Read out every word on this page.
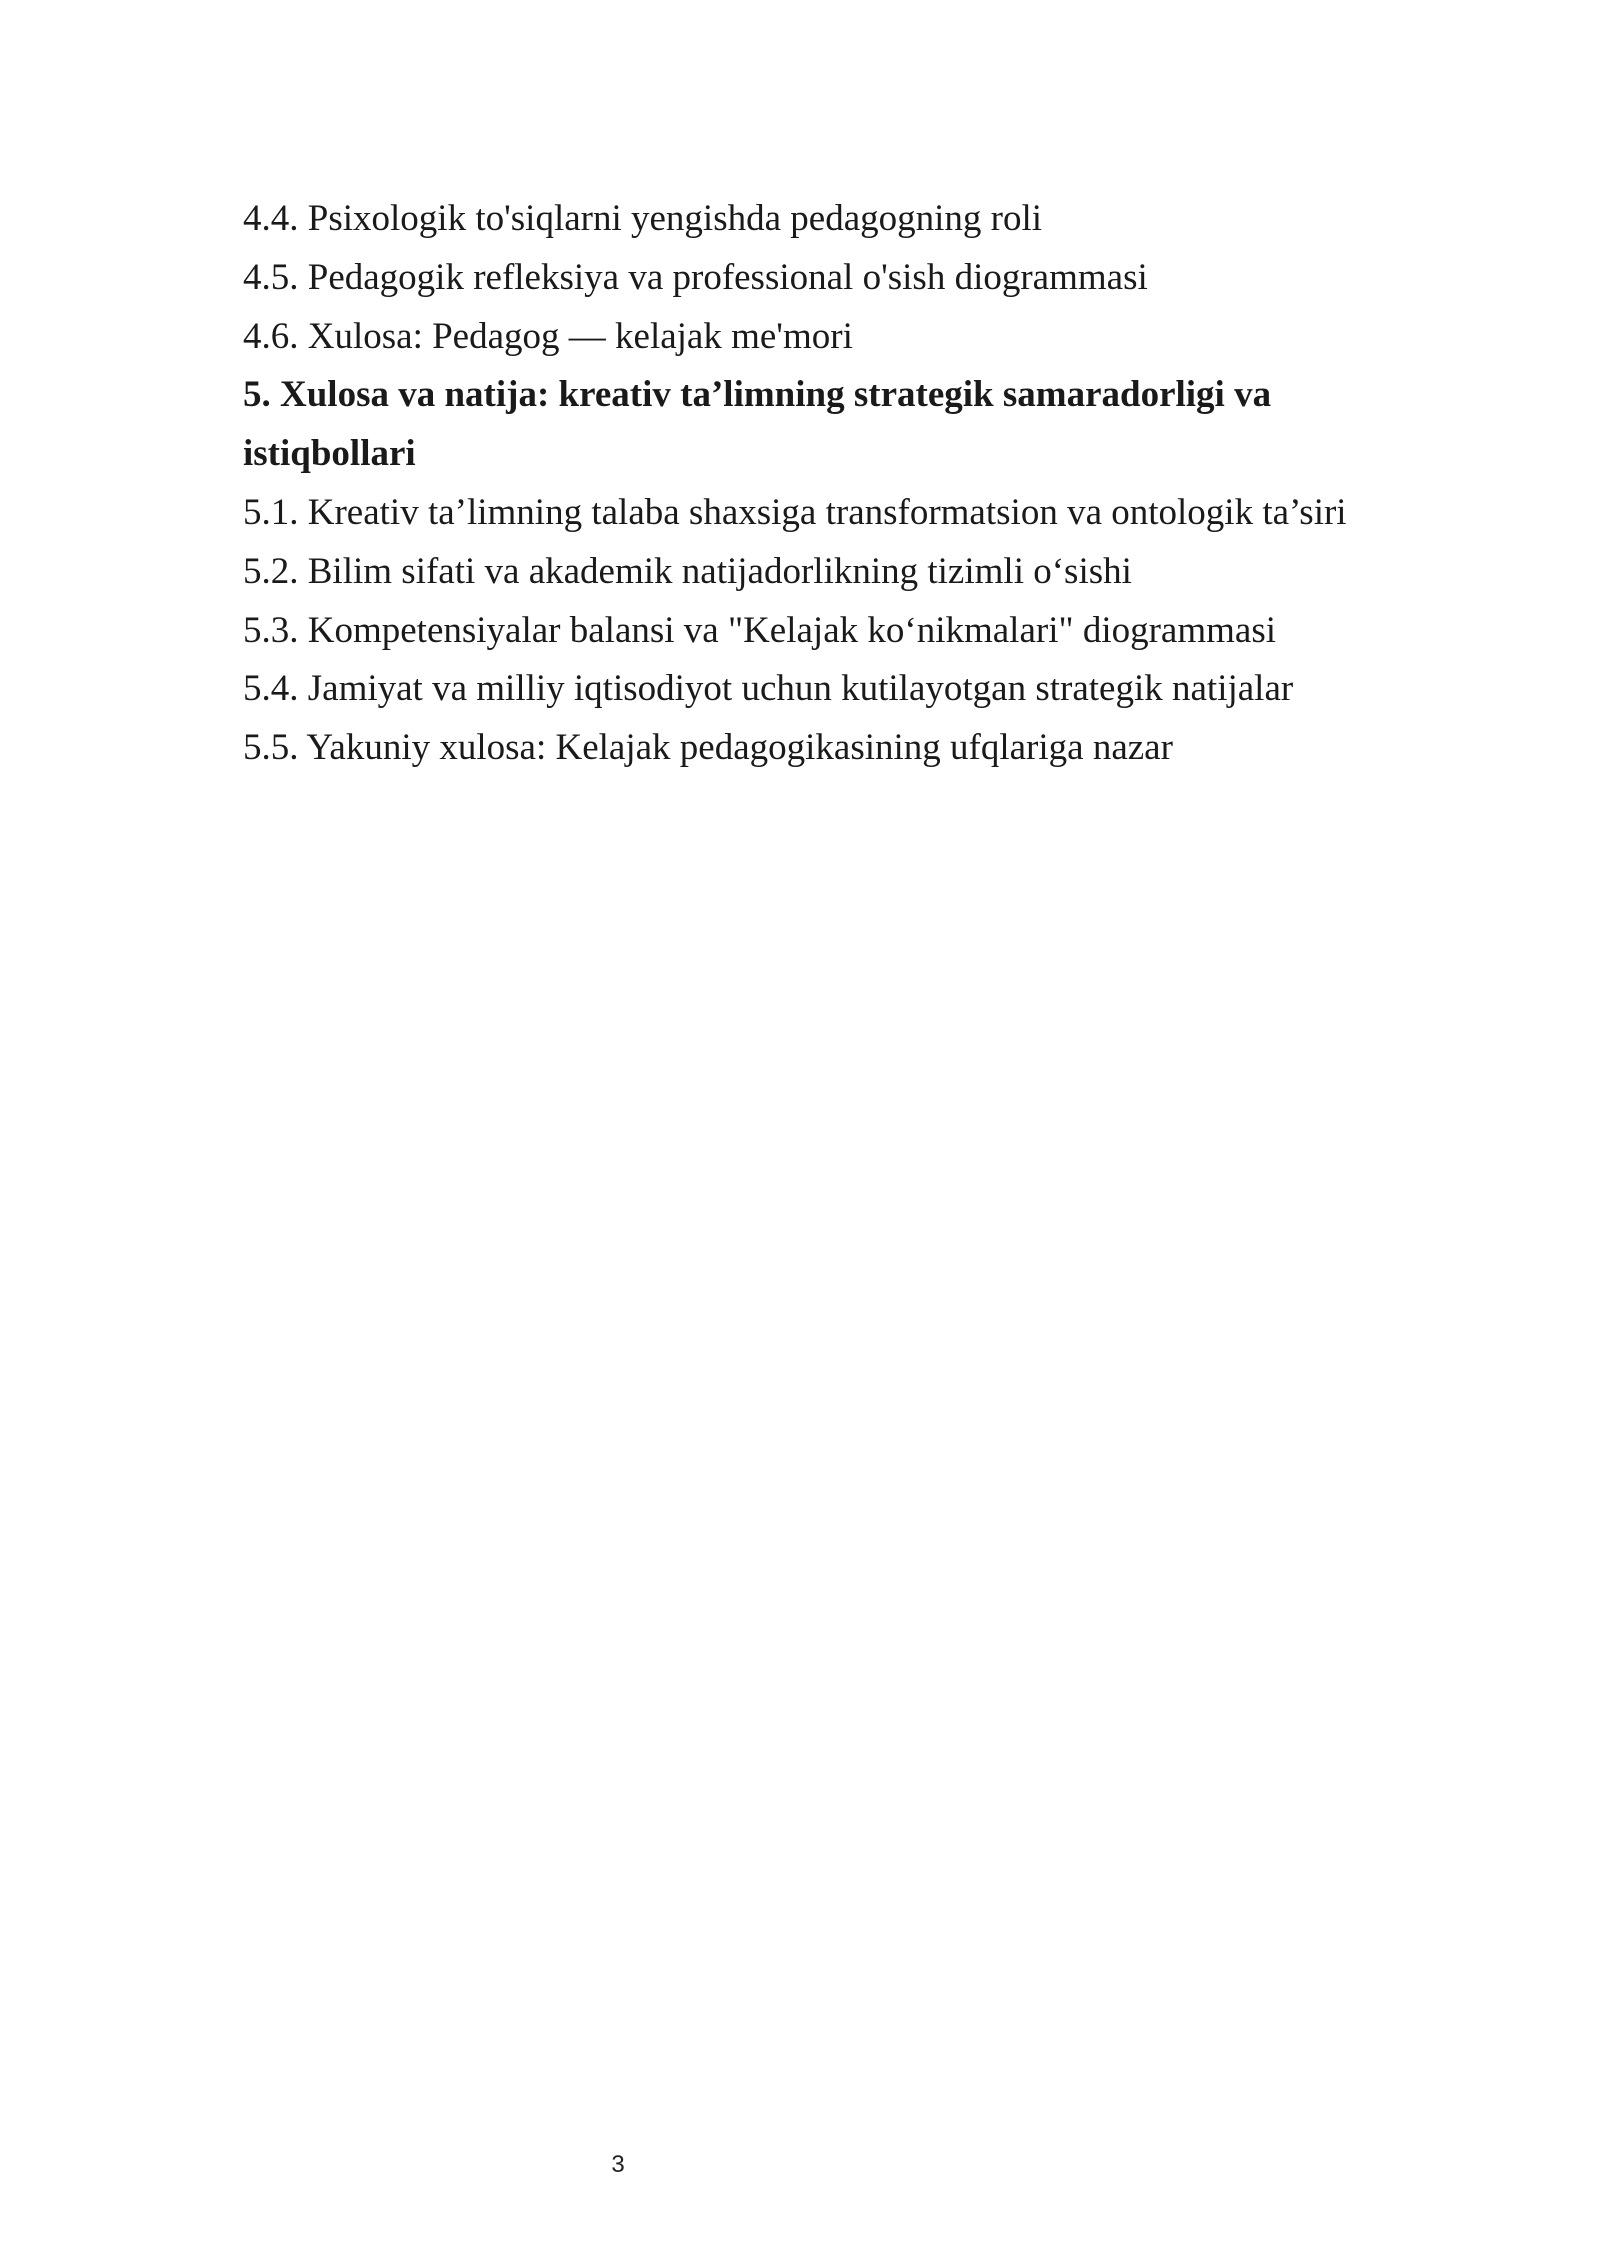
4.4. Psixologik to'siqlarni yengishda pedagogning roli

4.5. Pedagogik refleksiya va professional o'sish diogrammasi

4.6. Xulosa: Pedagog — kelajak me'mori

5. Xulosa va natija: kreativ ta’limning strategik samaradorligi va istiqbollari

5.1. Kreativ ta’limning talaba shaxsiga transformatsion va ontologik ta’siri

5.2. Bilim sifati va akademik natijadorlikning tizimli o‘sishi

5.3. Kompetensiyalar balansi va "Kelajak ko‘nikmalari" diogrammasi

5.4. Jamiyat va milliy iqtisodiyot uchun kutilayotgan strategik natijalar

5.5. Yakuniy xulosa: Kelajak pedagogikasining ufqlariga nazar

3
